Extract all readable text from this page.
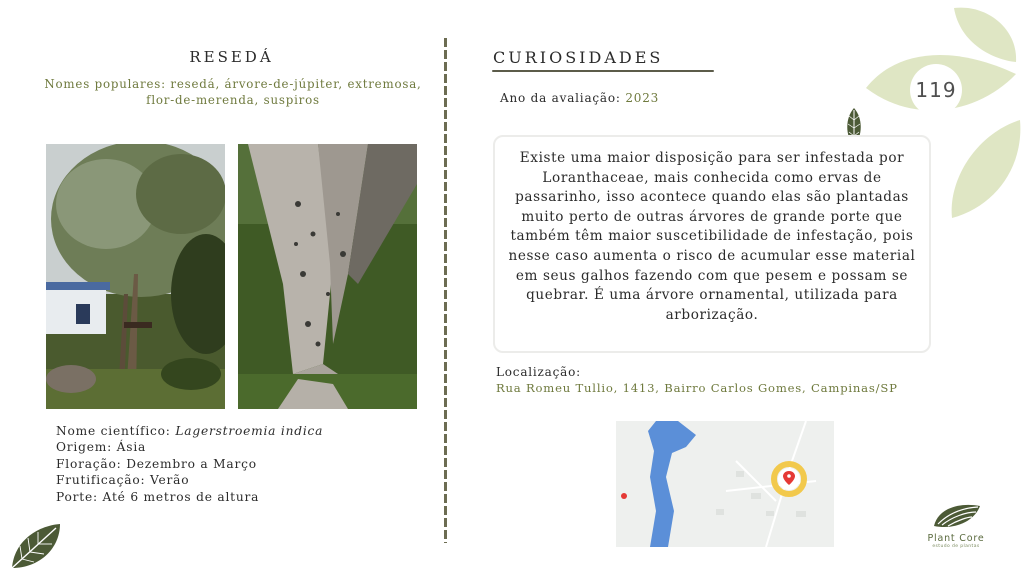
RESEDÁ
Nomes populares: resedá, árvore-de-júpiter, extremosa, flor-de-merenda, suspiros
Nome científico: Lagerstroemia indica
Origem: Ásia
Floração: Dezembro a Março
Frutificação: Verão
Porte: Até 6 metros de altura
CURIOSIDADES
Ano da avaliação: 2023
Existe uma maior disposição para ser infestada por Loranthaceae, mais conhecida como ervas de passarinho, isso acontece quando elas são plantadas muito perto de outras árvores de grande porte que também têm maior suscetibilidade de infestação, pois nesse caso aumenta o risco de acumular esse material em seus galhos fazendo com que pesem e possam se quebrar. É uma árvore ornamental, utilizada para arborização.
Localização:
Rua Romeu Tullio, 1413, Bairro Carlos Gomes, Campinas/SP
119
Plant Core
estudo de plantas
